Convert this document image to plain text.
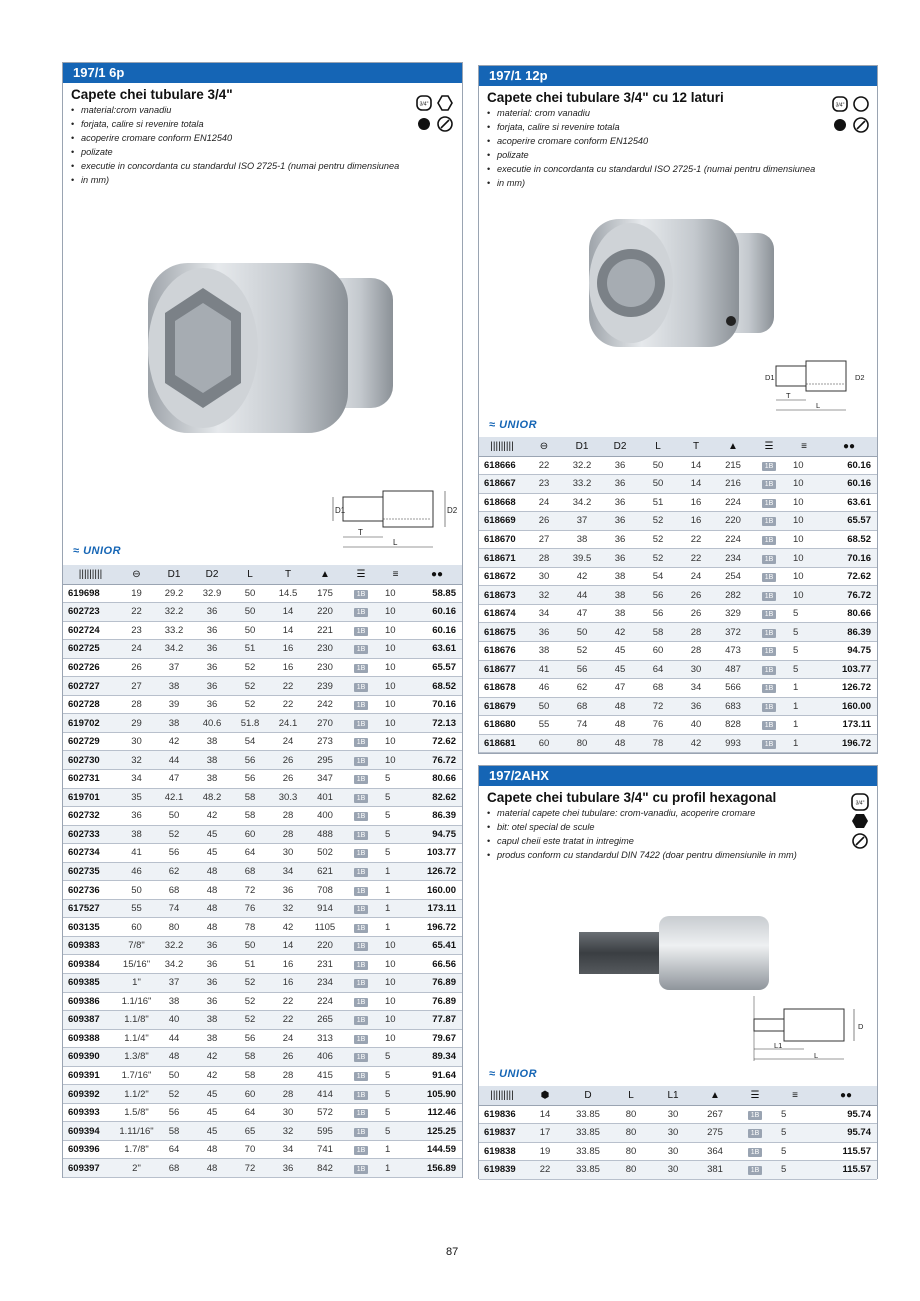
197/1 6p
Capete chei tubulare 3/4"
• material:crom vanadiu
• forjata, calire si revenire totala
• acoperire cromare conform EN12540
• polizate
• executie in concordanta cu standardul ISO 2725-1 (numai pentru dimensiunea
• in mm)
3/4"
D1	D2
T
L
≈ UNIOR
|||||||||	⊖	D1	D2	L	T	▲	☰	≡	●●
619698	19	29.2	32.9	50	14.5	175	1B	10	58.85
602723	22	32.2	36	50	14	220	1B	10	60.16
602724	23	33.2	36	50	14	221	1B	10	60.16
602725	24	34.2	36	51	16	230	1B	10	63.61
602726	26	37	36	52	16	230	1B	10	65.57
602727	27	38	36	52	22	239	1B	10	68.52
602728	28	39	36	52	22	242	1B	10	70.16
619702	29	38	40.6	51.8	24.1	270	1B	10	72.13
602729	30	42	38	54	24	273	1B	10	72.62
602730	32	44	38	56	26	295	1B	10	76.72
602731	34	47	38	56	26	347	1B	5	80.66
619701	35	42.1	48.2	58	30.3	401	1B	5	82.62
602732	36	50	42	58	28	400	1B	5	86.39
602733	38	52	45	60	28	488	1B	5	94.75
602734	41	56	45	64	30	502	1B	5	103.77
602735	46	62	48	68	34	621	1B	1	126.72
602736	50	68	48	72	36	708	1B	1	160.00
617527	55	74	48	76	32	914	1B	1	173.11
603135	60	80	48	78	42	1105	1B	1	196.72
609383	7/8"	32.2	36	50	14	220	1B	10	65.41
609384	15/16"	34.2	36	51	16	231	1B	10	66.56
609385	1"	37	36	52	16	234	1B	10	76.89
609386	1.1/16"	38	36	52	22	224	1B	10	76.89
609387	1.1/8"	40	38	52	22	265	1B	10	77.87
609388	1.1/4"	44	38	56	24	313	1B	10	79.67
609390	1.3/8"	48	42	58	26	406	1B	5	89.34
609391	1.7/16"	50	42	58	28	415	1B	5	91.64
609392	1.1/2"	52	45	60	28	414	1B	5	105.90
609393	1.5/8"	56	45	64	30	572	1B	5	112.46
609394	1.11/16"	58	45	65	32	595	1B	5	125.25
609396	1.7/8"	64	48	70	34	741	1B	1	144.59
609397	2"	68	48	72	36	842	1B	1	156.89
197/1 12p
Capete chei tubulare 3/4" cu 12 laturi
• material: crom vanadiu
• forjata, calire si revenire totala
• acoperire cromare conform EN12540
• polizate
• executie in concordanta cu standardul ISO 2725-1 (numai pentru dimensiunea
• in mm)
3/4"
D1	D2
T
L
≈ UNIOR
|||||||||	⊖	D1	D2	L	T	▲	☰	≡	●●
618666	22	32.2	36	50	14	215	1B	10	60.16
618667	23	33.2	36	50	14	216	1B	10	60.16
618668	24	34.2	36	51	16	224	1B	10	63.61
618669	26	37	36	52	16	220	1B	10	65.57
618670	27	38	36	52	22	224	1B	10	68.52
618671	28	39.5	36	52	22	234	1B	10	70.16
618672	30	42	38	54	24	254	1B	10	72.62
618673	32	44	38	56	26	282	1B	10	76.72
618674	34	47	38	56	26	329	1B	5	80.66
618675	36	50	42	58	28	372	1B	5	86.39
618676	38	52	45	60	28	473	1B	5	94.75
618677	41	56	45	64	30	487	1B	5	103.77
618678	46	62	47	68	34	566	1B	1	126.72
618679	50	68	48	72	36	683	1B	1	160.00
618680	55	74	48	76	40	828	1B	1	173.11
618681	60	80	48	78	42	993	1B	1	196.72
197/2AHX
Capete chei tubulare 3/4" cu profil hexagonal
• material capete chei tubulare: crom-vanadiu, acoperire cromare
• bit: otel special de scule
• capul cheii este tratat in intregime
• produs conform cu standardul DIN 7422 (doar pentru dimensiunile in mm)
3/4"
D
L1
L
≈ UNIOR
|||||||||	⬢	D	L	L1	▲	☰	≡	●●
619836	14	33.85	80	30	267	1B	5	95.74
619837	17	33.85	80	30	275	1B	5	95.74
619838	19	33.85	80	30	364	1B	5	115.57
619839	22	33.85	80	30	381	1B	5	115.57
87
